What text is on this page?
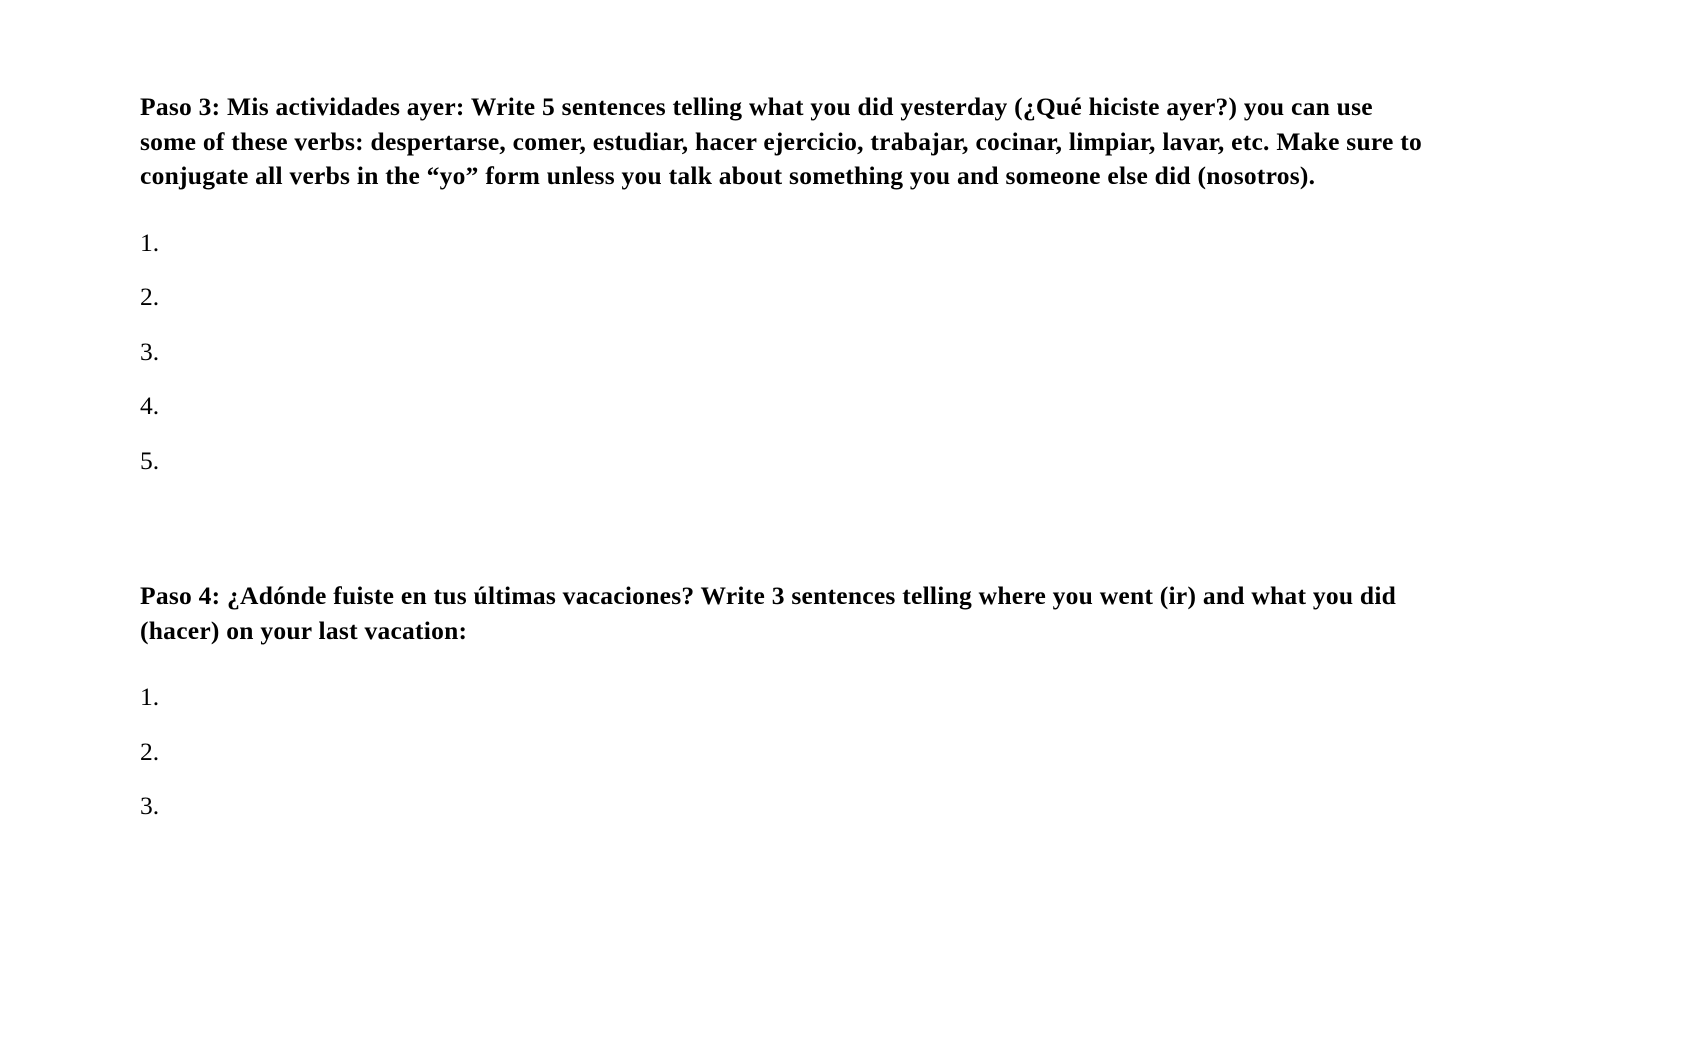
Paso 3: Mis actividades ayer: Write 5 sentences telling what you did yesterday (¿Qué hiciste ayer?) you can use some of these verbs: despertarse, comer, estudiar, hacer ejercicio, trabajar, cocinar, limpiar, lavar, etc. Make sure to conjugate all verbs in the “yo” form unless you talk about something you and someone else did (nosotros).

1.
2.
3.
4.
5.

Paso 4: ¿Adónde fuiste en tus últimas vacaciones? Write 3 sentences telling where you went (ir) and what you did (hacer) on your last vacation:

1.
2.
3.
